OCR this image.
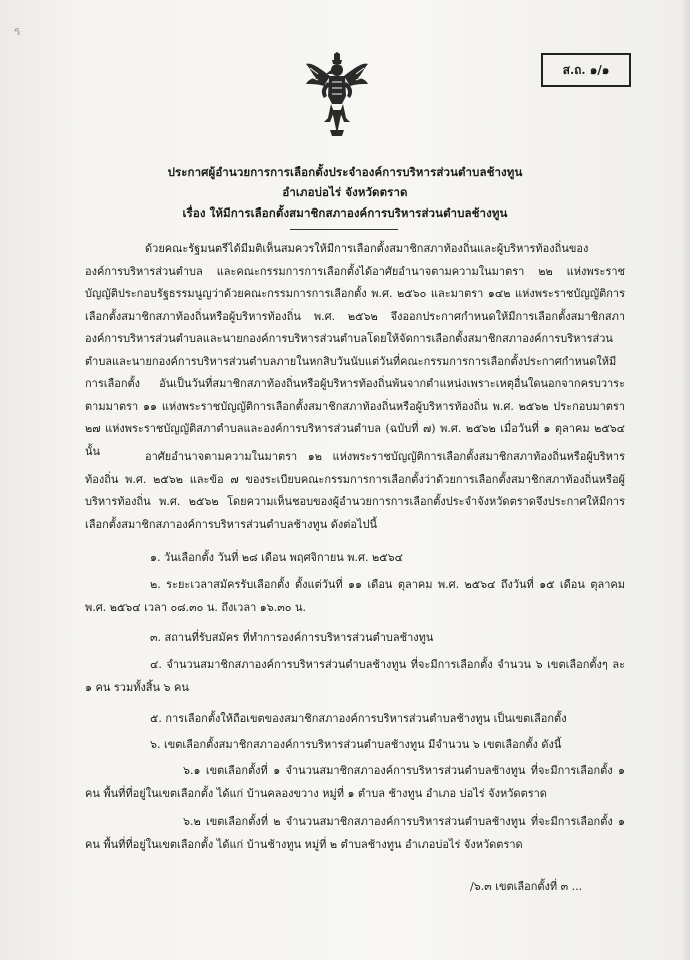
ร
ส.ถ. ๑/๑
ประกาศผู้อำนวยการการเลือกตั้งประจำองค์การบริหารส่วนตำบลช้างทูน
อำเภอบ่อไร่ จังหวัดตราด
เรื่อง ให้มีการเลือกตั้งสมาชิกสภาองค์การบริหารส่วนตำบลช้างทูน
ด้วยคณะรัฐมนตรีได้มีมติเห็นสมควรให้มีการเลือกตั้งสมาชิกสภาท้องถิ่นและผู้บริหารท้องถิ่นขององค์การบริหารส่วนตำบล และคณะกรรมการการเลือกตั้งได้อาศัยอำนาจตามความในมาตรา ๒๒ แห่งพระราชบัญญัติประกอบรัฐธรรมนูญว่าด้วยคณะกรรมการการเลือกตั้ง พ.ศ. ๒๕๖๐ และมาตรา ๑๔๒ แห่งพระราชบัญญัติการเลือกตั้งสมาชิกสภาท้องถิ่นหรือผู้บริหารท้องถิ่น พ.ศ. ๒๕๖๒ จึงออกประกาศกำหนดให้มีการเลือกตั้งสมาชิกสภาองค์การบริหารส่วนตำบลและนายกองค์การบริหารส่วนตำบลโดยให้จัดการเลือกตั้งสมาชิกสภาองค์การบริหารส่วนตำบลและนายกองค์การบริหารส่วนตำบลภายในหกสิบวันนับแต่วันที่คณะกรรมการการเลือกตั้งประกาศกำหนดให้มีการเลือกตั้ง อันเป็นวันที่สมาชิกสภาท้องถิ่นหรือผู้บริหารท้องถิ่นพ้นจากตำแหน่งเพราะเหตุอื่นใดนอกจากครบวาระ ตามมาตรา ๑๑ แห่งพระราชบัญญัติการเลือกตั้งสมาชิกสภาท้องถิ่นหรือผู้บริหารท้องถิ่น พ.ศ. ๒๕๖๒ ประกอบมาตรา ๒๗ แห่งพระราชบัญญัติสภาตำบลและองค์การบริหารส่วนตำบล (ฉบับที่ ๗) พ.ศ. ๒๕๖๒ เมื่อวันที่ ๑ ตุลาคม ๒๕๖๔ นั้น	อาศัยอำนาจตามความในมาตรา ๑๒ แห่งพระราชบัญญัติการเลือกตั้งสมาชิกสภาท้องถิ่นหรือผู้บริหารท้องถิ่น พ.ศ. ๒๕๖๒ และข้อ ๗ ของระเบียบคณะกรรมการการเลือกตั้งว่าด้วยการเลือกตั้งสมาชิกสภาท้องถิ่นหรือผู้บริหารท้องถิ่น พ.ศ. ๒๕๖๒ โดยความเห็นชอบของผู้อำนวยการการเลือกตั้งประจำจังหวัดตราดจึงประกาศให้มีการเลือกตั้งสมาชิกสภาองค์การบริหารส่วนตำบลช้างทูน ดังต่อไปนี้
๑. วันเลือกตั้ง วันที่ ๒๘ เดือน พฤศจิกายน พ.ศ. ๒๕๖๔
๒. ระยะเวลาสมัครรับเลือกตั้ง ตั้งแต่วันที่ ๑๑ เดือน ตุลาคม พ.ศ. ๒๕๖๔ ถึงวันที่ ๑๕ เดือน ตุลาคม พ.ศ. ๒๕๖๔ เวลา ๐๘.๓๐ น. ถึงเวลา ๑๖.๓๐ น.
๓. สถานที่รับสมัคร ที่ทำการองค์การบริหารส่วนตำบลช้างทูน
๔. จำนวนสมาชิกสภาองค์การบริหารส่วนตำบลช้างทูน ที่จะมีการเลือกตั้ง จำนวน ๖ เขตเลือกตั้งๆ ละ ๑ คน รวมทั้งสิ้น ๖ คน
๕. การเลือกตั้งให้ถือเขตของสมาชิกสภาองค์การบริหารส่วนตำบลช้างทูน เป็นเขตเลือกตั้ง
๖. เขตเลือกตั้งสมาชิกสภาองค์การบริหารส่วนตำบลช้างทูน มีจำนวน ๖ เขตเลือกตั้ง ดังนี้
๖.๑ เขตเลือกตั้งที่ ๑ จำนวนสมาชิกสภาองค์การบริหารส่วนตำบลช้างทูน ที่จะมีการเลือกตั้ง ๑ คน พื้นที่ที่อยู่ในเขตเลือกตั้ง ได้แก่ บ้านคลองขวาง หมู่ที่ ๑ ตำบล ช้างทูน อำเภอ บ่อไร่ จังหวัดตราด
๖.๒ เขตเลือกตั้งที่ ๒ จำนวนสมาชิกสภาองค์การบริหารส่วนตำบลช้างทูน ที่จะมีการเลือกตั้ง ๑ คน พื้นที่ที่อยู่ในเขตเลือกตั้ง ได้แก่ บ้านช้างทูน หมู่ที่ ๒ ตำบลช้างทูน อำเภอบ่อไร่ จังหวัดตราด
/๖.๓ เขตเลือกตั้งที่ ๓ ...
